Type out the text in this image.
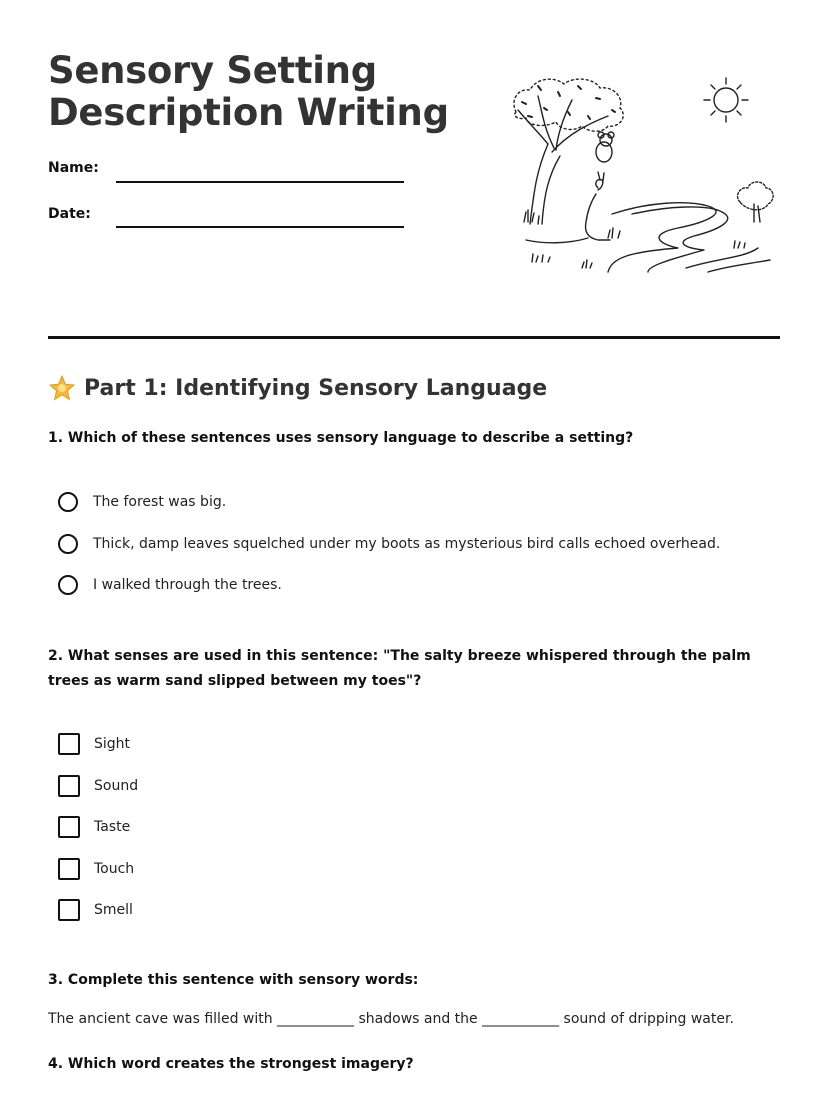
Sensory Setting
Description Writing
Name:
Date:
Part 1: Identifying Sensory Language

1. Which of these sentences uses sensory language to describe a setting?

The forest was big.
Thick, damp leaves squelched under my boots as mysterious bird calls echoed overhead.
I walked through the trees.

2. What senses are used in this sentence: "The salty breeze whispered through the palm trees as warm sand slipped between my toes"?

Sight
Sound
Taste
Touch
Smell

3. Complete this sentence with sensory words:

The ancient cave was filled with ___________ shadows and the ___________ sound of dripping water.

4. Which word creates the strongest imagery?
